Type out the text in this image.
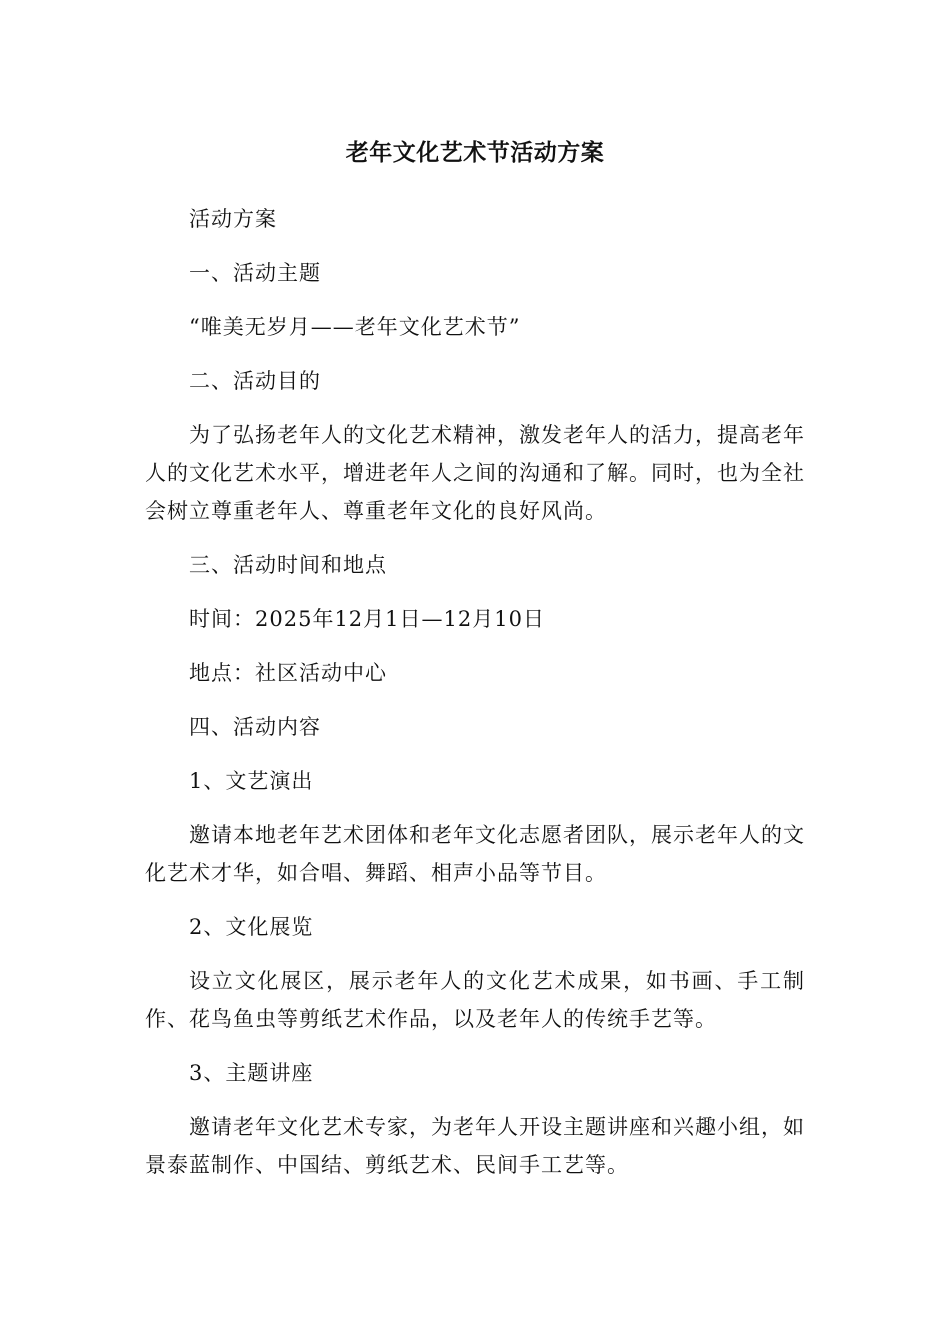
老年文化艺术节活动方案

活动方案

一、活动主题

“唯美无岁月——老年文化艺术节”

二、活动目的

为了弘扬老年人的文化艺术精神，激发老年人的活力，提高老年人的文化艺术水平，增进老年人之间的沟通和了解。同时，也为全社会树立尊重老年人、尊重老年文化的良好风尚。

三、活动时间和地点

时间：2025年12月1日—12月10日

地点：社区活动中心

四、活动内容

1、文艺演出

邀请本地老年艺术团体和老年文化志愿者团队，展示老年人的文化艺术才华，如合唱、舞蹈、相声小品等节目。

2、文化展览

设立文化展区，展示老年人的文化艺术成果，如书画、手工制作、花鸟鱼虫等剪纸艺术作品，以及老年人的传统手艺等。

3、主题讲座

邀请老年文化艺术专家，为老年人开设主题讲座和兴趣小组，如景泰蓝制作、中国结、剪纸艺术、民间手工艺等。
